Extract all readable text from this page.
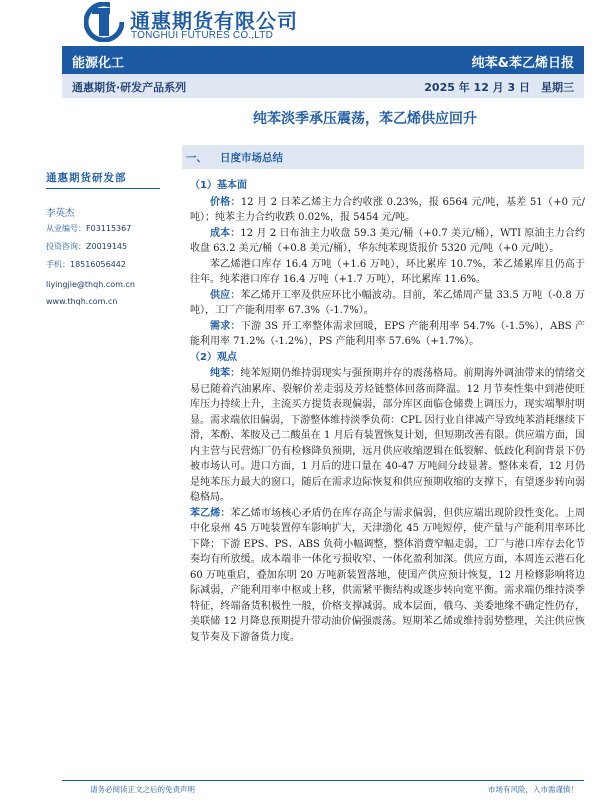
通惠期货有限公司
TONGHUI FUTURES CO.,LTD
能源化工	纯苯&苯乙烯日报
通惠期货·研发产品系列	2025 年 12 月 3 日　星期三
纯苯淡季承压震荡，苯乙烯供应回升
一、 日度市场总结
通惠期货研发部
李英杰
从业编号：F03115367
投资咨询：Z0019145
手机：18516056442
liyingjie@thqh.com.cn
www.thqh.com.cn
（1）基本面
价格：12 月 2 日苯乙烯主力合约收涨 0.23%，报 6564 元/吨，基差 51（+0 元/吨）；纯苯主力合约收跌 0.02%，报 5454 元/吨。
成本：12 月 2 日布油主力收盘 59.3 美元/桶（+0.7 美元/桶），WTI 原油主力合约收盘 63.2 美元/桶（+0.8 美元/桶），华东纯苯现货报价 5320 元/吨（+0 元/吨）。
苯乙烯港口库存 16.4 万吨（+1.6 万吨），环比累库 10.7%，苯乙烯累库且仍高于往年。纯苯港口库存 16.4 万吨（+1.7 万吨），环比累库 11.6%。
供应：苯乙烯开工率及供应环比小幅波动。目前，苯乙烯周产量 33.5 万吨（-0.8 万吨），工厂产能利用率 67.3%（-1.7%）。
需求：下游 3S 开工率整体需求回暖，EPS 产能利用率 54.7%（-1.5%），ABS 产能利用率 71.2%（-1.2%），PS 产能利用率 57.6%（+1.7%）。
（2）观点
纯苯：纯苯短期仍维持弱现实与强预期并存的震荡格局。前期海外调油带来的情绪交易已随着汽油累库、裂解价差走弱及芳烃链整体回落而降温。12 月节奏性集中到港使旺库压力持续上升，主流买方提货表现偏弱，部分库区面临仓储费上调压力，现实端掣肘明显。需求端依旧偏弱，下游整体维持淡季负荷：CPL 因行业自律减产导致纯苯消耗继续下滑，苯酚、苯胺及己二酸虽在 1 月后有装置恢复计划，但短期改善有限。供应端方面，国内主营与民营炼厂仍有检修降负预期，远月供应收缩逻辑在低裂解、低歧化利润背景下仍被市场认可。进口方面，1 月后的进口量在 40-47 万吨间分歧显著。整体来看，12 月仍是纯苯压力最大的窗口，随后在需求边际恢复和供应预期收缩的支撑下，有望逐步转向弱稳格局。
苯乙烯：苯乙烯市场核心矛盾仍在库存高企与需求偏弱，但供应端出现阶段性变化。上周中化泉州 45 万吨装置停车影响扩大，天津渤化 45 万吨短停，使产量与产能利用率环比下降；下游 EPS、PS、ABS 负荷小幅调整，整体消费窄幅走弱，工厂与港口库存去化节奏均有所放缓。成本端非一体化亏损收窄、一体化盈利加深。供应方面，本周连云港石化 60 万吨重启，叠加东明 20 万吨新装置落地，使国产供应预计恢复，12 月检修影响将边际减弱，产能利用率中枢或上移，供需紧平衡结构或逐步转向宽平衡。需求端仍维持淡季特征，终端备货积极性一般，价格支撑减弱。成本层面，俄乌、美委地缘不确定性仍存，美联储 12 月降息预期提升带动油价偏强震荡。短期苯乙烯或维持弱势整理，关注供应恢复节奏及下游备货力度。
请务必阅读正文之后的免责声明	市场有风险，入市需谨慎！
